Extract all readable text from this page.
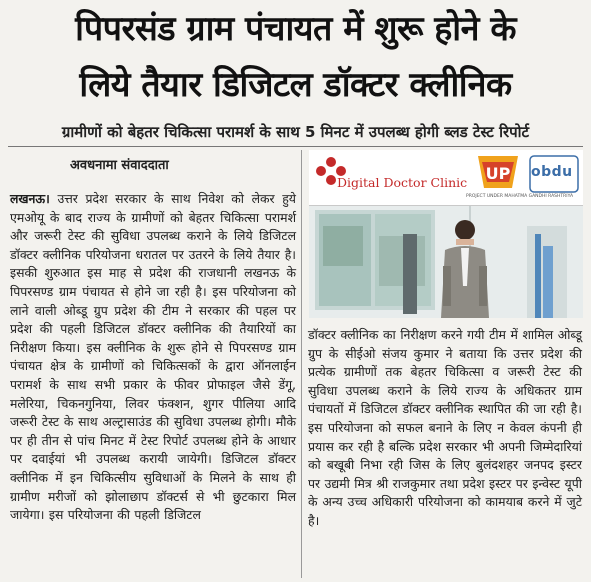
पिपरसंड ग्राम पंचायत में शुरू होने के
लिये तैयार डिजिटल डॉक्टर क्लीनिक
ग्रामीणों को बेहतर चिकित्सा परामर्श के साथ 5 मिनट में उपलब्ध होगी ब्लड टेस्ट रिपोर्ट
अवधनामा संवाददाता
लखनऊ। उत्तर प्रदेश सरकार के साथ निवेश को लेकर हुये एमओयू के बाद राज्य के ग्रामीणों को बेहतर चिकित्सा परामर्श और जरूरी टेस्ट की सुविधा उपलब्ध कराने के लिये डिजिटल डॉक्टर क्लीनिक परियोजना धरातल पर उतरने के लिये तैयार है। इसकी शुरुआत इस माह से प्रदेश की राजधानी लखनऊ के पिपरसण्ड ग्राम पंचायत से होने जा रही है। इस परियोजना को लाने वाली ओब्डू ग्रुप प्रदेश की टीम ने सरकार की पहल पर प्रदेश की पहली डिजिटल डॉक्टर क्लीनिक की तैयारियों का निरीक्षण किया। इस क्लीनिक के शुरू होने से पिपरसण्ड ग्राम पंचायत क्षेत्र के ग्रामीणों को चिकित्सकों के द्वारा ऑनलाईन परामर्श के साथ सभी प्रकार के फीवर प्रोफाइल जैसे डेंगू, मलेरिया, चिकनगुनिया, लिवर फंक्शन, शुगर पीलिया आदि जरूरी टेस्ट के साथ अल्ट्रासाउंड की सुविधा उपलब्ध होगी। मौके पर ही तीन से पांच मिनट में टेस्ट रिपोर्ट उपलब्ध होने के आधार पर दवाईयां भी उपलब्ध करायी जायेगी। डिजिटल डॉक्टर क्लीनिक में इन चिकित्सीय सुविधाओं के मिलने के साथ ही ग्रामीण मरीजों को झोलाछाप डॉक्टर्स से भी छुटकारा मिल जायेगा। इस परियोजना की पहली डिजिटल
Digital Doctor Clinic UP
PROJECT UNDER MAHATMA GANDHI RASHTRIYA
obdu
डॉक्टर क्लीनिक का निरीक्षण करने गयी टीम में शामिल ओब्डू ग्रुप के सीईओ संजय कुमार ने बताया कि उत्तर प्रदेश की प्रत्येक ग्रामीणों तक बेहतर चिकित्सा व जरूरी टेस्ट की सुविधा उपलब्ध कराने के लिये राज्य के अधिकतर ग्राम पंचायतों में डिजिटल डॉक्टर क्लीनिक स्थापित की जा रही है। इस परियोजना को सफल बनाने के लिए न केवल कंपनी ही प्रयास कर रही है बल्कि प्रदेश सरकार भी अपनी जिम्मेदारियां को बखूबी निभा रही जिस के लिए बुलंदशहर जनपद इस्टर पर उद्यमी मित्र श्री राजकुमार तथा प्रदेश इस्टर पर इन्वेस्ट यूपी के अन्य उच्च अधिकारी परियोजना को कामयाब करने में जुटे है।
